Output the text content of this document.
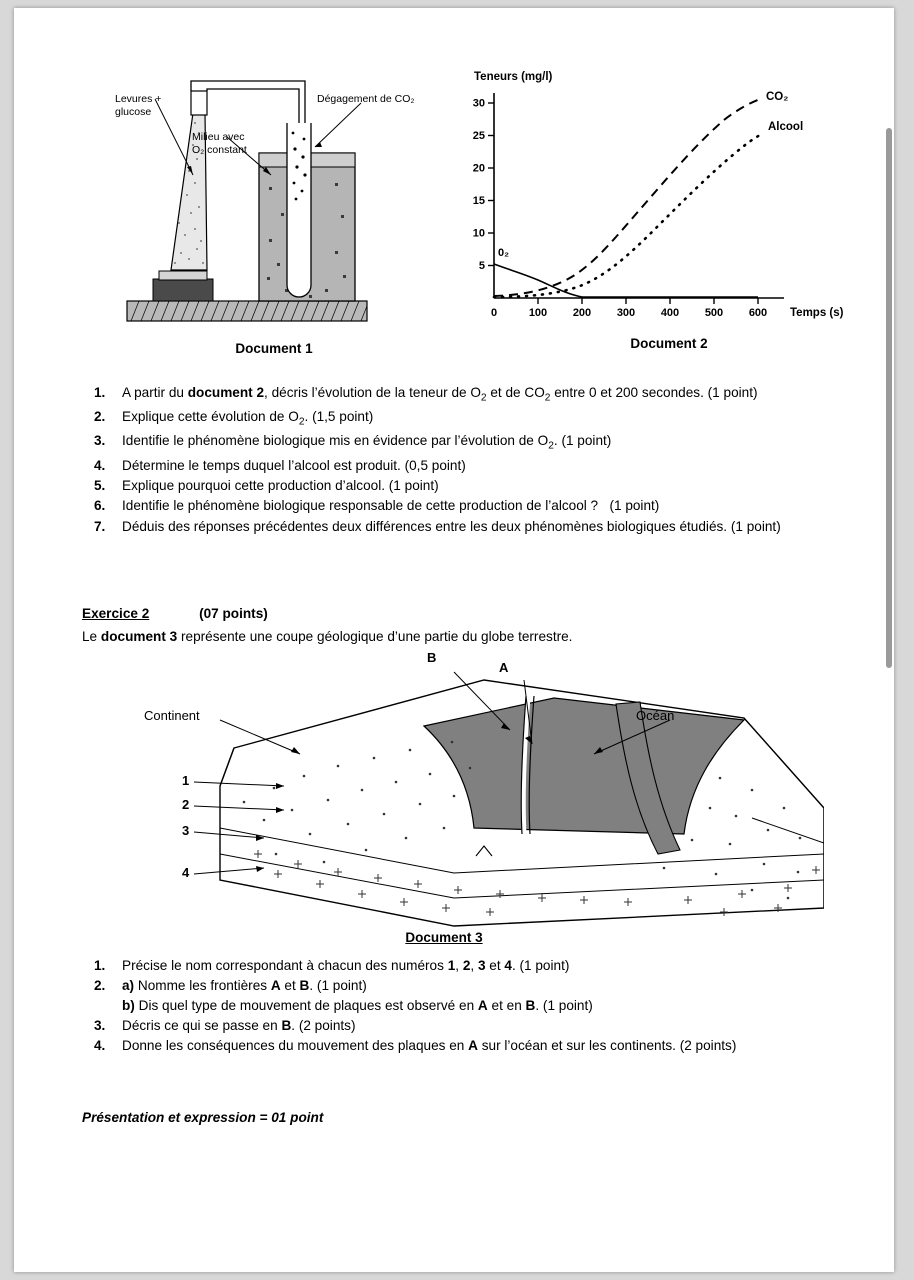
Levures +
glucose
Milieu avec
O₂ constant
Dégagement de CO₂
Document 1
5
10
15
20
25
30
0	100 200 300 400 500 600
Teneurs (mg/l)
Temps (s)
0₂
CO₂
Alcool
Document 2
1. A partir du document 2, décris l’évolution de la teneur de $O_2$ et de $CO_2$ entre 0 et 200 secondes. (1 point)
2. Explique cette évolution de $O_2$. (1,5 point)
3. Identifie le phénomène biologique mis en évidence par l’évolution de $O_2$. (1 point)
4. Détermine le temps duquel l’alcool est produit. (0,5 point)
5. Explique pourquoi cette production d’alcool. (1 point)
6. Identifie le phénomène biologique responsable de cette production de l’alcool ?   (1 point)
7. Déduis des réponses précédentes deux différences entre les deux phénomènes biologiques étudiés. (1 point)
Exercice 2	(07 points)
Le document 3 représente une coupe géologique d’une partie du globe terrestre.
Continent	Océan
A
B
1
2
3
4
Document 3
1. Précise le nom correspondant à chacun des numéros 1, 2, 3 et 4. (1 point)
2. a) Nomme les frontières A et B. (1 point)
b) Dis quel type de mouvement de plaques est observé en A et en B. (1 point)
3. Décris ce qui se passe en B. (2 points)
4. Donne les conséquences du mouvement des plaques en A sur l’océan et sur les continents. (2 points)
Présentation et expression = 01 point
